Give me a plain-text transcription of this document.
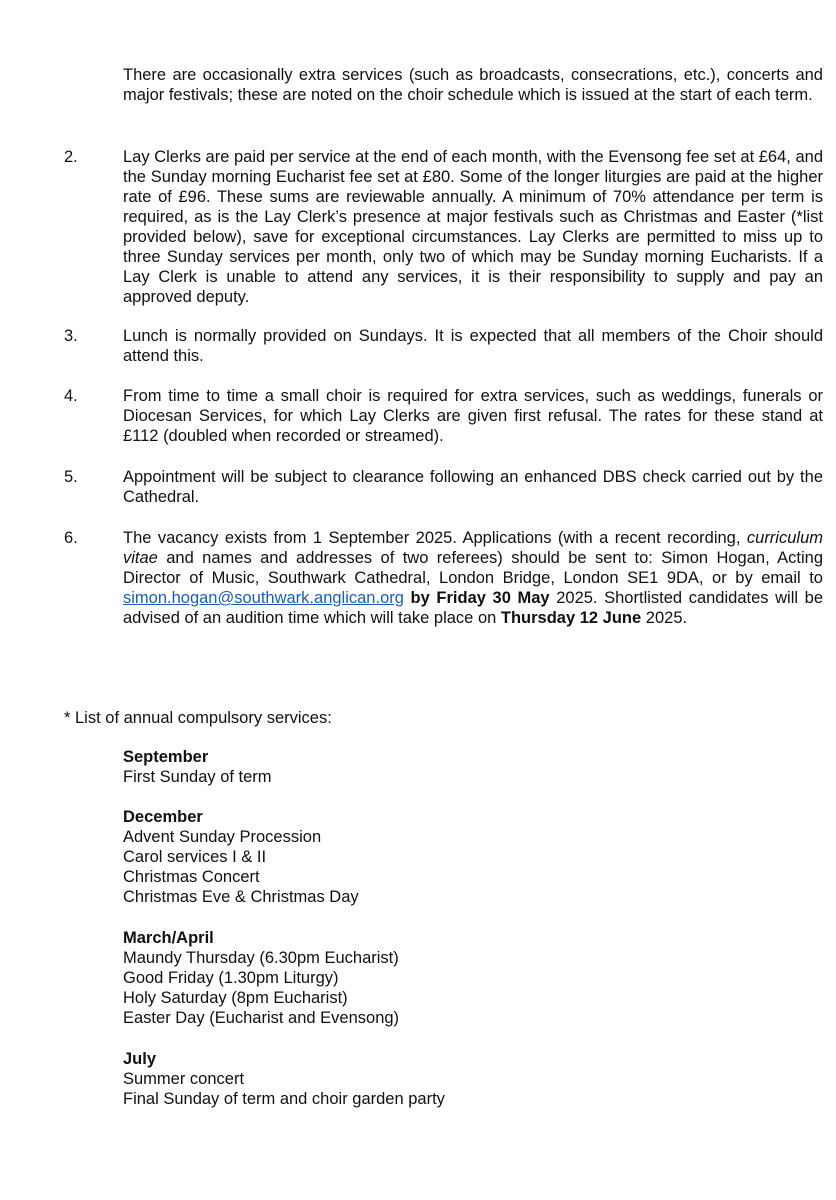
There are occasionally extra services (such as broadcasts, consecrations, etc.), concerts and major festivals; these are noted on the choir schedule which is issued at the start of each term.
2.	Lay Clerks are paid per service at the end of each month, with the Evensong fee set at £64, and the Sunday morning Eucharist fee set at £80. Some of the longer liturgies are paid at the higher rate of £96. These sums are reviewable annually. A minimum of 70% attendance per term is required, as is the Lay Clerk’s presence at major festivals such as Christmas and Easter (*list provided below), save for exceptional circumstances. Lay Clerks are permitted to miss up to three Sunday services per month, only two of which may be Sunday morning Eucharists. If a Lay Clerk is unable to attend any services, it is their responsibility to supply and pay an approved deputy.
3.	Lunch is normally provided on Sundays. It is expected that all members of the Choir should attend this.
4.	From time to time a small choir is required for extra services, such as weddings, funerals or Diocesan Services, for which Lay Clerks are given first refusal. The rates for these stand at £112 (doubled when recorded or streamed).
5.	Appointment will be subject to clearance following an enhanced DBS check carried out by the Cathedral.
6.	The vacancy exists from 1 September 2025. Applications (with a recent recording, curriculum vitae and names and addresses of two referees) should be sent to: Simon Hogan, Acting Director of Music, Southwark Cathedral, London Bridge, London SE1 9DA, or by email to simon.hogan@southwark.anglican.org by Friday 30 May 2025. Shortlisted candidates will be advised of an audition time which will take place on Thursday 12 June 2025.
* List of annual compulsory services:
September
First Sunday of term
December
Advent Sunday Procession
Carol services I & II
Christmas Concert
Christmas Eve & Christmas Day
March/April
Maundy Thursday (6.30pm Eucharist)
Good Friday (1.30pm Liturgy)
Holy Saturday (8pm Eucharist)
Easter Day (Eucharist and Evensong)
July
Summer concert
Final Sunday of term and choir garden party
